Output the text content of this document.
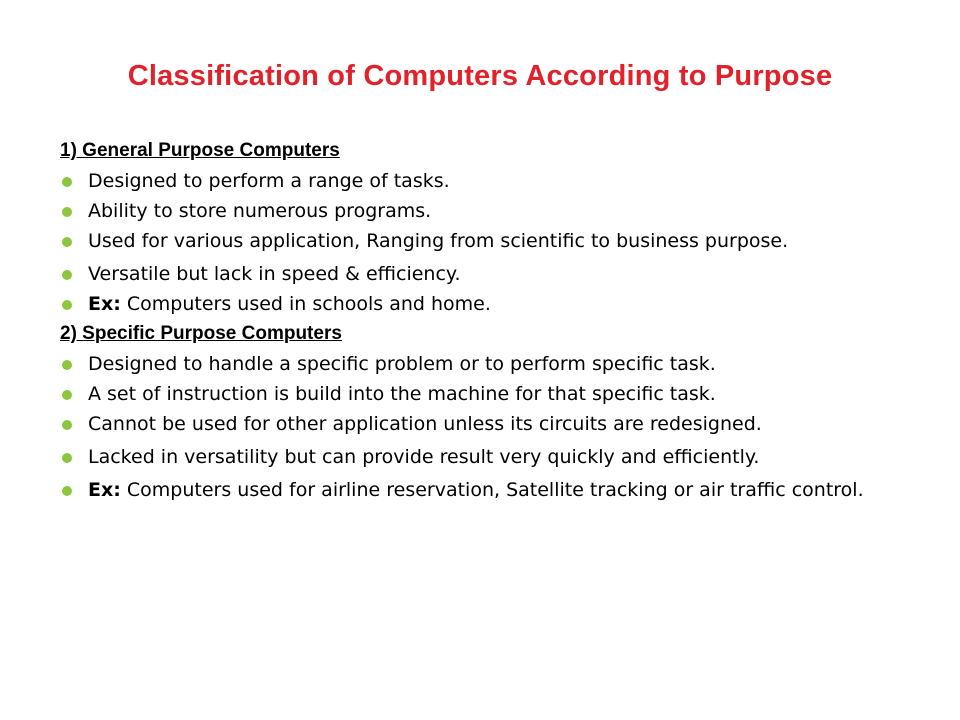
Classification of Computers According to Purpose
1) General Purpose Computers
Designed to perform a range of tasks.
Ability to store numerous programs.
Used for various application, Ranging from scientific to business purpose.
Versatile but lack in speed & efficiency.
Ex: Computers used in schools and home.
2) Specific Purpose Computers
Designed to handle a specific problem or to perform specific task.
A set of instruction is build into the machine for that specific task.
Cannot be used for other application unless its circuits are redesigned.
Lacked in versatility but can provide result very quickly and efficiently.
Ex: Computers used for airline reservation, Satellite tracking or air traffic control.
